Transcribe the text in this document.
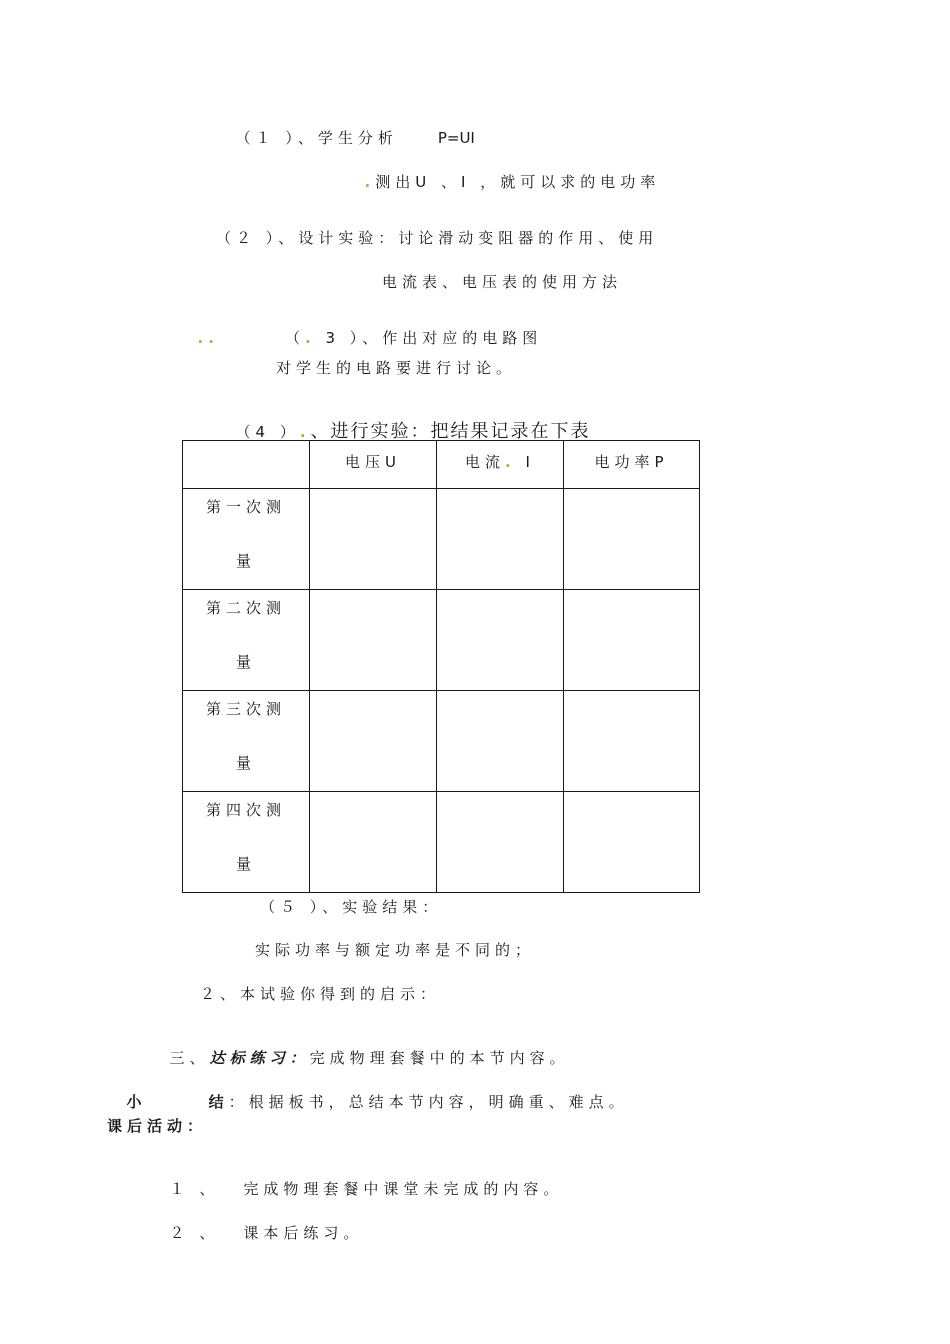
（１ ）、学生分析	P=UI

.测出U 、I ，就可以求的电功率

（２ ）、设计实验：讨论滑动变阻器的作用、使用
电流表、电压表的使用方法

..	（. 3 ）、作出对应的电路图

对学生的电路要进行讨论。

（4 ）.、进行实验：把结果记录在下表

	电压U	电流. I	电功率P

第一次测
量			

第二次测
量			

第三次测
量			

第四次测
量			

（５ ）、实验结果：
实际功率与额定功率是不同的；
２、本试验你得到的启示：

三、达标练习：完成物理套餐中的本节内容。

小	结：根据板书，总结本节内容，明确重、难点。

课后活动：

１ 、 完成物理套餐中课堂未完成的内容。

２ 、 课本后练习。
